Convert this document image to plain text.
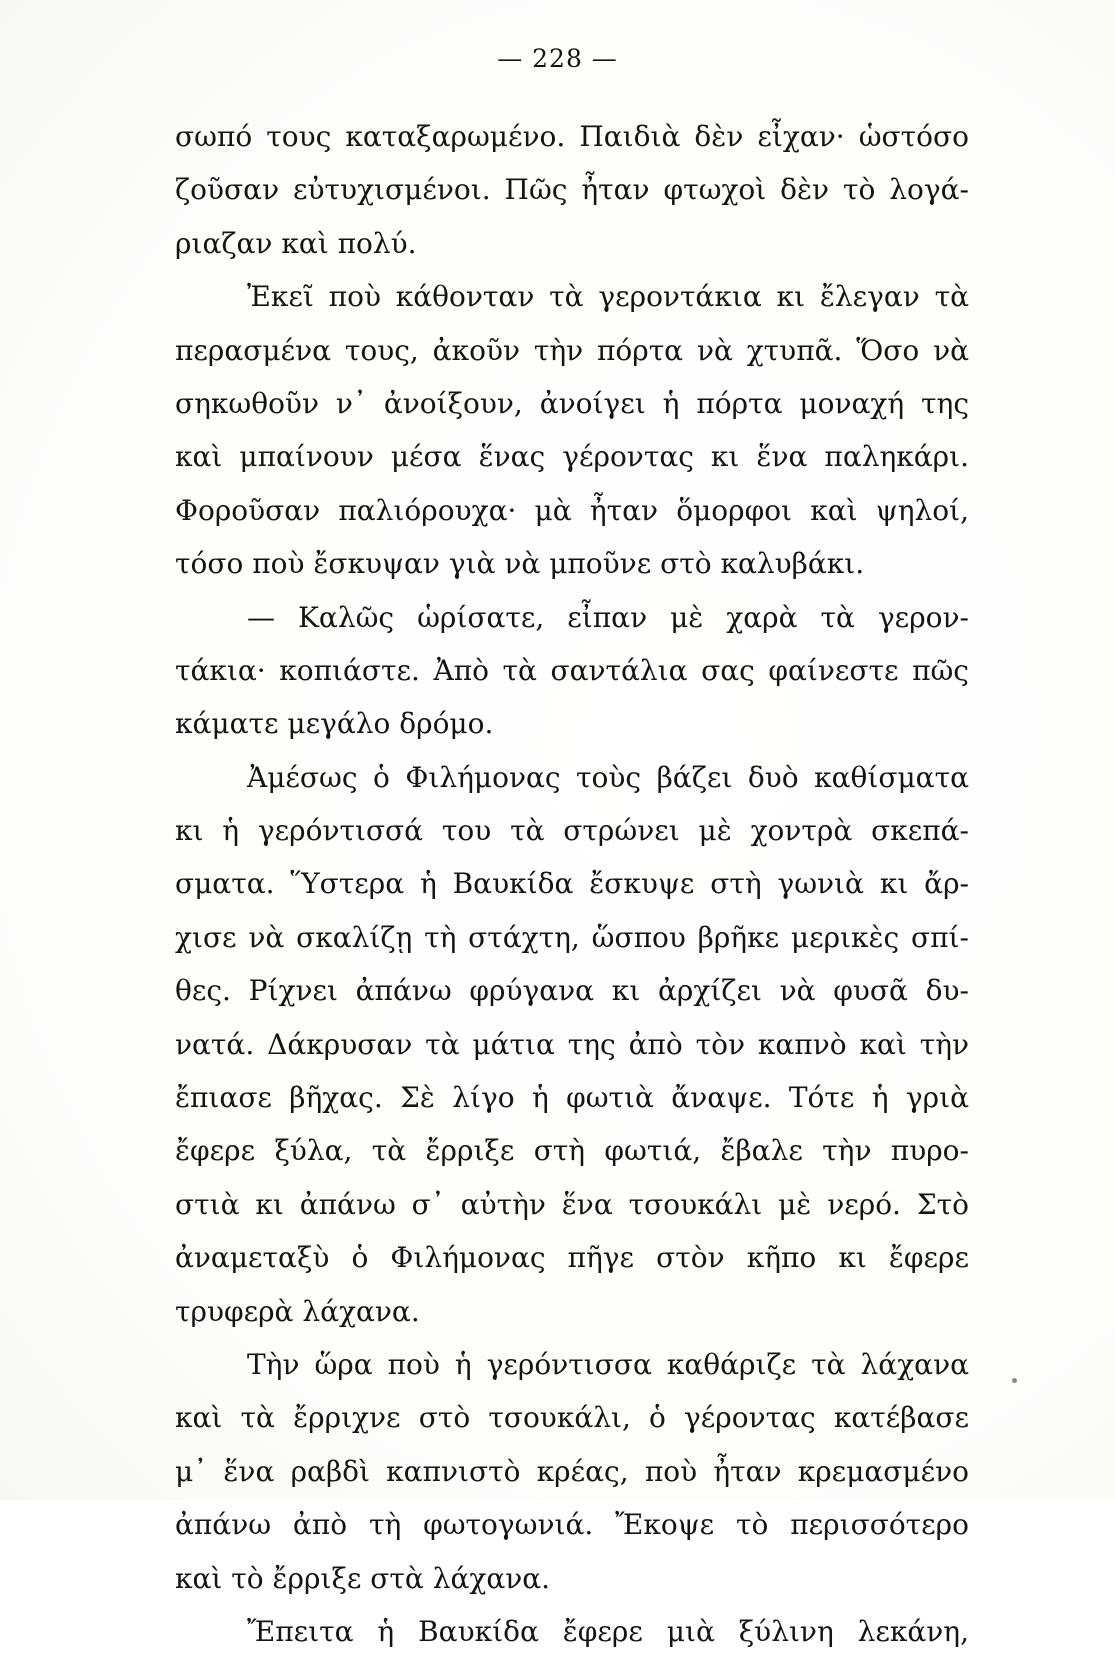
— 228 —
σωπό τους καταξαρωμένο. Παιδιὰ δὲν εἶχαν· ὡστόσο
ζοῦσαν εὐτυχισμένοι. Πῶς ἦταν φτωχοὶ δὲν τὸ λογά-
ριαζαν καὶ πολύ.
Ἐκεῖ ποὺ κάθονταν τὰ γεροντάκια κι ἔλεγαν τὰ
περασμένα τους, ἀκοῦν τὴν πόρτα νὰ χτυπᾶ. Ὅσο νὰ
σηκωθοῦν ν᾿ ἀνοίξουν, ἀνοίγει ἡ πόρτα μοναχή της
καὶ μπαίνουν μέσα ἕνας γέροντας κι ἕνα παληκάρι.
Φοροῦσαν παλιόρουχα· μὰ ἦταν ὅμορφοι καὶ ψηλοί,
τόσο ποὺ ἔσκυψαν γιὰ νὰ μποῦνε στὸ καλυβάκι.
— Καλῶς ὡρίσατε, εἶπαν μὲ χαρὰ τὰ γερον-
τάκια· κοπιάστε. Ἀπὸ τὰ σαντάλια σας φαίνεστε πῶς
κάματε μεγάλο δρόμο.
Ἀμέσως ὁ Φιλήμονας τοὺς βάζει δυὸ καθίσματα
κι ἡ γερόντισσά του τὰ στρώνει μὲ χοντρὰ σκεπά-
σματα. Ὕστερα ἡ Βαυκίδα ἔσκυψε στὴ γωνιὰ κι ἄρ-
χισε νὰ σκαλίζῃ τὴ στάχτη, ὥσπου βρῆκε μερικὲς σπί-
θες. Ρίχνει ἀπάνω φρύγανα κι ἀρχίζει νὰ φυσᾶ δυ-
νατά. Δάκρυσαν τὰ μάτια της ἀπὸ τὸν καπνὸ καὶ τὴν
ἔπιασε βῆχας. Σὲ λίγο ἡ φωτιὰ ἄναψε. Τότε ἡ γριὰ
ἔφερε ξύλα, τὰ ἔρριξε στὴ φωτιά, ἔβαλε τὴν πυρο-
στιὰ κι ἀπάνω σ᾿ αὐτὴν ἕνα τσουκάλι μὲ νερό. Στὸ
ἀναμεταξὺ ὁ Φιλήμονας πῆγε στὸν κῆπο κι ἔφερε
τρυφερὰ λάχανα.
Τὴν ὥρα ποὺ ἡ γερόντισσα καθάριζε τὰ λάχανα
καὶ τὰ ἔρριχνε στὸ τσουκάλι, ὁ γέροντας κατέβασε
μ᾿ ἕνα ραβδὶ καπνιστὸ κρέας, ποὺ ἦταν κρεμασμένο
ἀπάνω ἀπὸ τὴ φωτογωνιά. Ἔκοψε τὸ περισσότερο
καὶ τὸ ἔρριξε στὰ λάχανα.
Ἔπειτα ἡ Βαυκίδα ἔφερε μιὰ ξύλινη λεκάνη,
